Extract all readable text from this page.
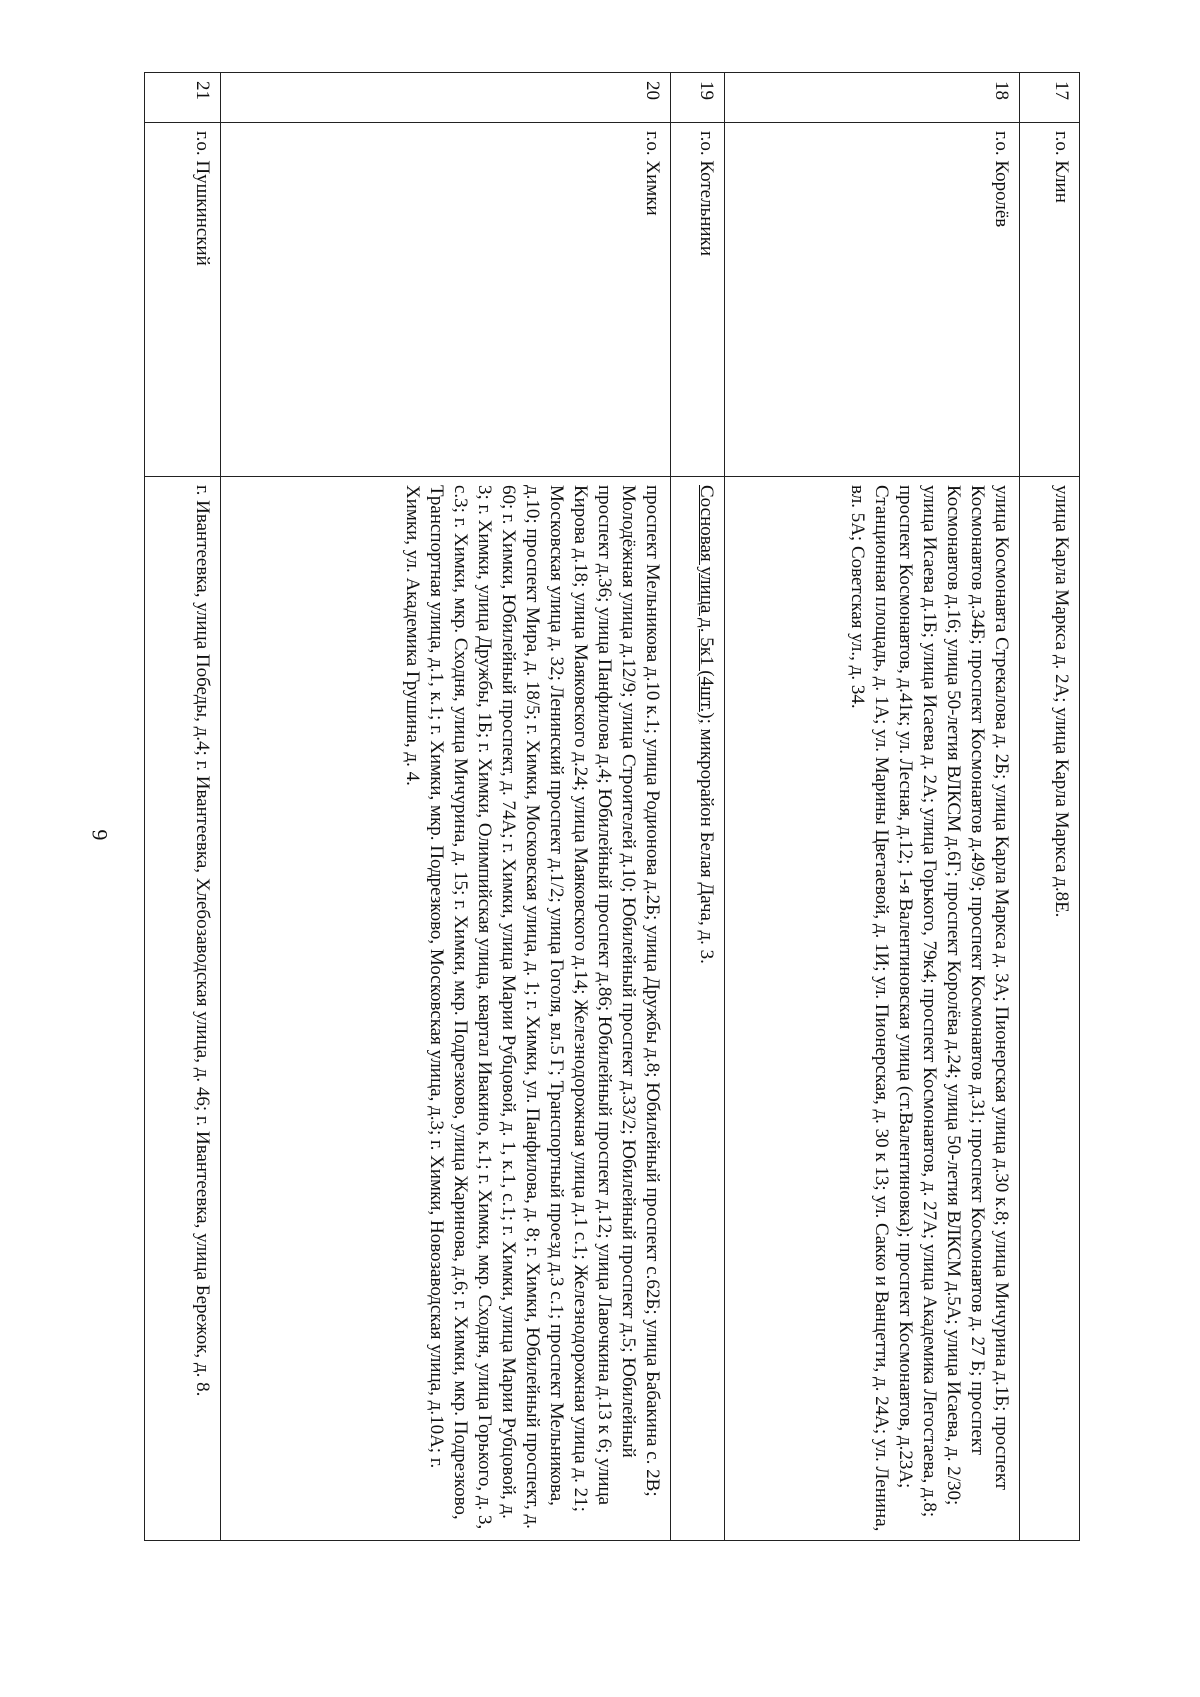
6
17	г.о. Клин	улица Карла Маркса д. 2А; улица Карла Маркса д.8Е.
18	г.о. Королёв	улица Космонавта Стрекалова д. 2Б; улица Карла Маркса д. 3А; Пионерская улица д.30 к.8; улица Мичурина д.1Б; проспект Космонавтов д.34Б; проспект Космонавтов д.49/9; проспект Космонавтов д.31; проспект Космонавтов д. 27 Б; проспект Космонавтов д.16; улица 50-летия ВЛКСМ д.6Г; проспект Королёва д.24; улица 50-летия ВЛКСМ д.5А; улица Исаева, д. 2/30; улица Исаева д.1Б; улица Исаева д. 2А; улица Горького, 79к4; проспект Космонавтов, д. 27А; улица Академика Легостаева, д.8; проспект Космонавтов, д.41к; ул. Лесная, д.12; 1-я Валентиновская улица (ст.Валентиновка); проспект Космонавтов, д.23А; Станционная площадь, д. 1А; ул. Марины Цветаевой, д. 1И; ул. Пионерская, д. 30 к 13; ул. Сакко и Ванцетти, д. 24А; ул. Ленина, вл. 5А; Советская ул., д. 34.
19	г.о. Котельники	Сосновая улица д. 5к1 (4шт.); микрорайон Белая Дача, д. 3.
20	г.о. Химки	проспект Мельникова д.10 к.1; улица Родионова д.2Б; улица Дружбы д.8; Юбилейный проспект с.62Б; улица Бабакина с. 2В; Молодёжная улица д.12/9; улица Строителей д.10; Юбилейный проспект д.33/2; Юбилейный проспект д.5; Юбилейный проспект д.36; улица Панфилова д.4; Юбилейный проспект д.86; Юбилейный проспект д.12; улица Лавочкина д.13 к 6; улица Кирова д.18; улица Маяковского д.24; улица Маяковского д.14; Железнодорожная улица д.1 с.1; Железнодорожная улица д. 21; Московская улица д. 32; Ленинский проспект д.1/2; улица Гоголя, вл.5 Г; Транспортный проезд д.3 с.1; проспект Мельникова, д.10; проспект Мира, д. 18/5; г. Химки, Московская улица, д. 1; г. Химки, ул. Панфилова, д. 8; г. Химки, Юбилейный проспект, д. 60; г. Химки, Юбилейный проспект, д. 74А; г. Химки, улица Марии Рубцовой, д. 1, к.1, с.1; г. Химки, улица Марии Рубцовой, д. 3; г. Химки, улица Дружбы, 1Б; г. Химки, Олимпийская улица, квартал Ивакино, к.1; г. Химки, мкр. Сходня, улица Горького, д. 3, с.3; г. Химки, мкр. Сходня, улица Мичурина, д. 15; г. Химки, мкр. Подрезково, улица Жаринова, д.6; г. Химки, мкр. Подрезково, Транспортная улица, д.1, к.1; г. Химки, мкр. Подрезково, Московская улица, д.3; г. Химки, Новозаводская улица, д.10А; г. Химки, ул. Академика Грушина, д. 4.
21	г.о. Пушкинский	г. Ивантеевка, улица Победы, д.4; г. Ивантеевка, Хлебозаводская улица, д. 46; г. Ивантеевка, улица Бережок, д. 8.
